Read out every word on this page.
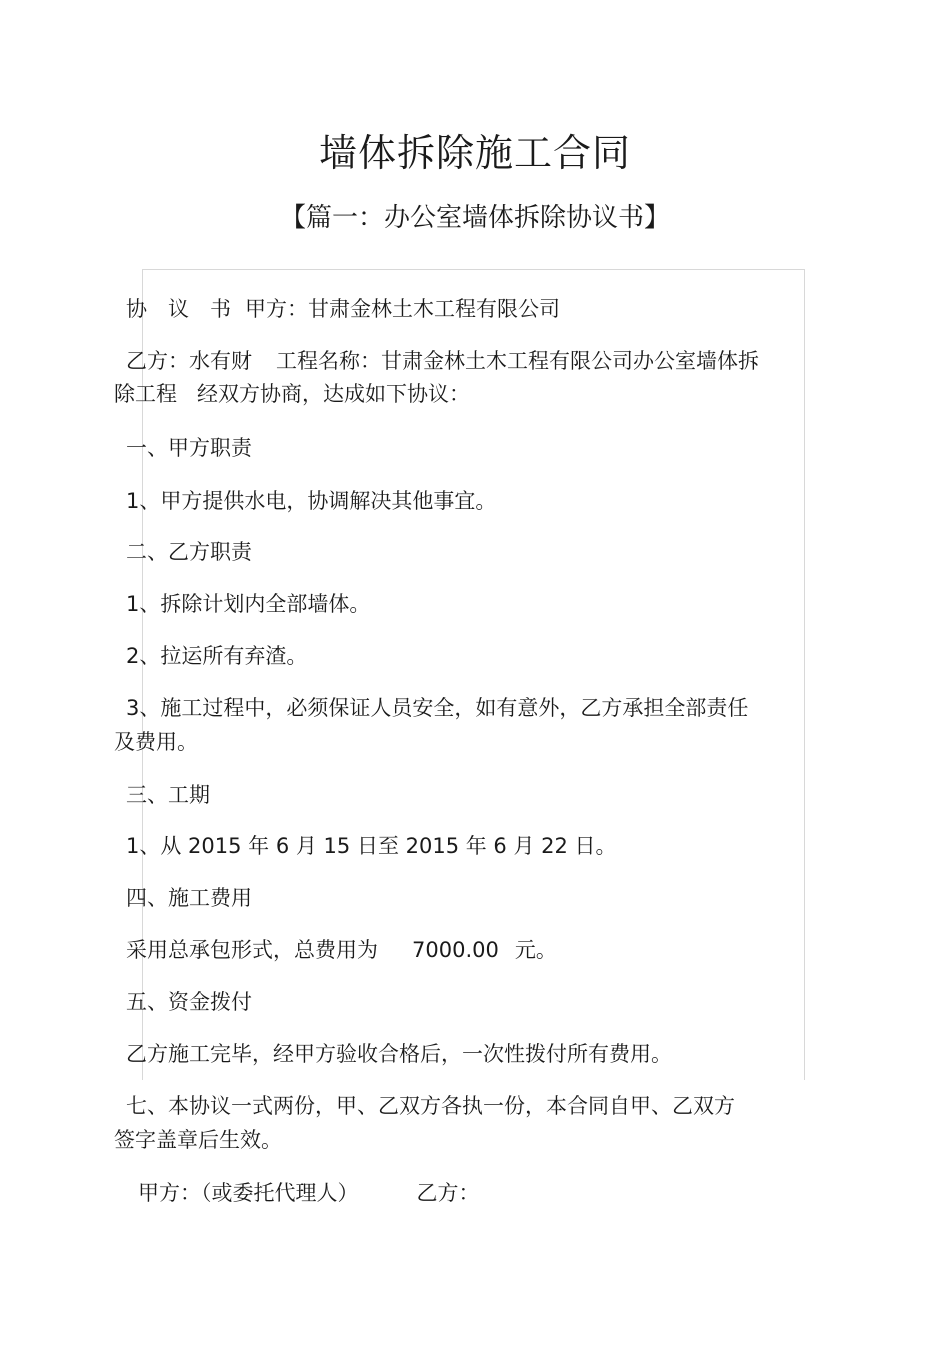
墙体拆除施工合同
【篇一：办公室墙体拆除协议书】

协　议　书 甲方：甘肃金林土木工程有限公司

乙方：水有财 工程名称：甘肃金林土木工程有限公司办公室墙体拆

除工程 经双方协商，达成如下协议：

一、甲方职责

1、甲方提供水电，协调解决其他事宜。

二、乙方职责

1、拆除计划内全部墙体。

2、拉运所有弃渣。

3、施工过程中，必须保证人员安全，如有意外，乙方承担全部责任

及费用。

三、工期

1、从 2015 年 6 月 15 日至 2015 年 6 月 22 日。

四、施工费用

采用总承包形式，总费用为 7000.00 元。

五、资金拨付

乙方施工完毕，经甲方验收合格后，一次性拨付所有费用。

七、本协议一式两份，甲、乙双方各执一份，本合同自甲、乙双方

签字盖章后生效。

甲方：（或委托代理人）	乙方：
